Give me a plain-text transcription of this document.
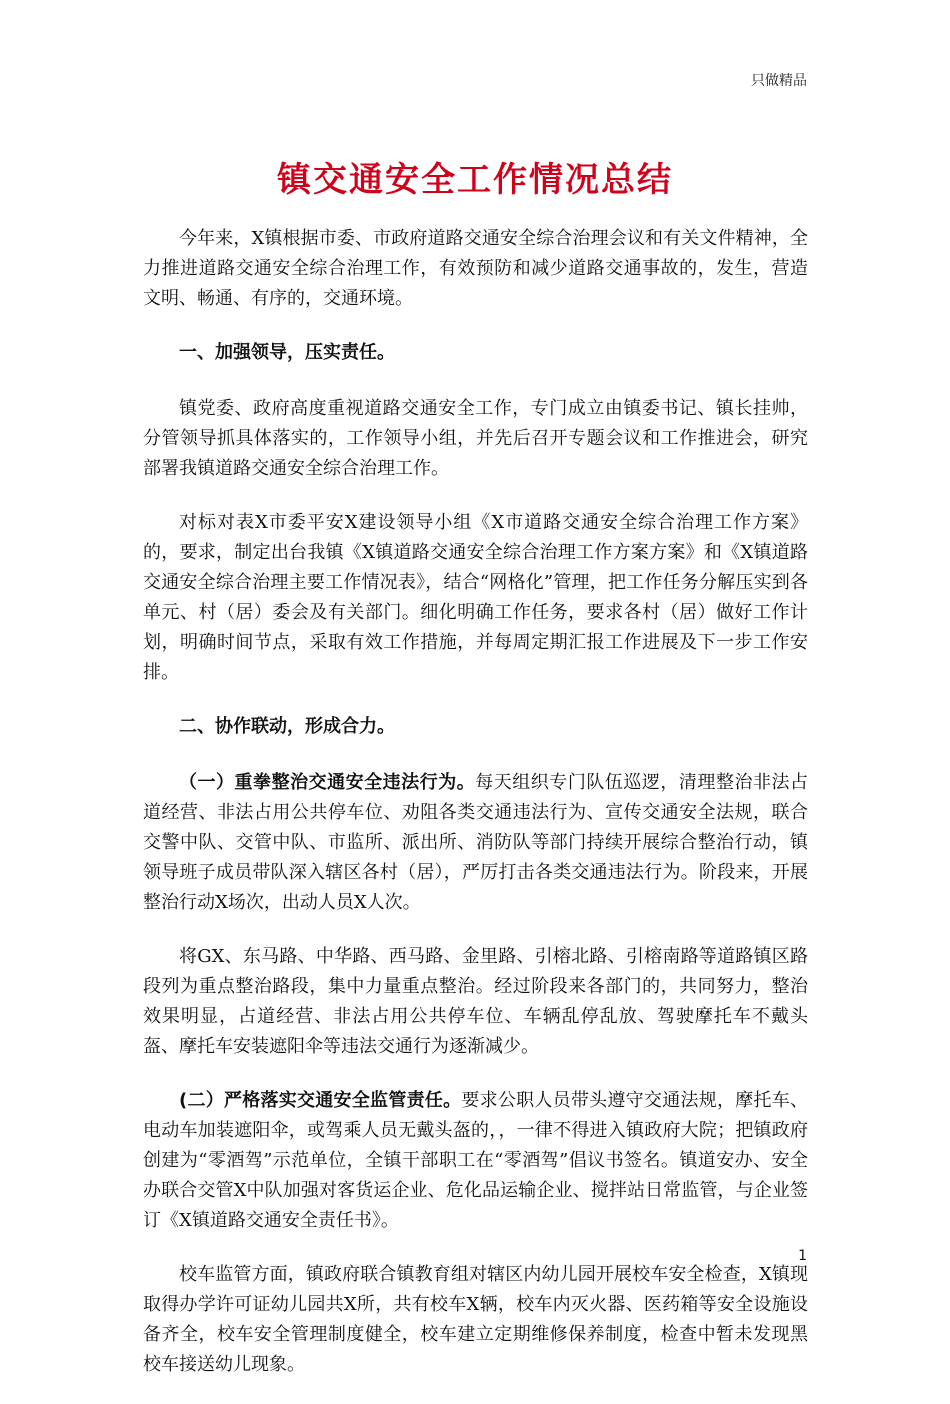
只做精品
镇交通安全工作情况总结

今年来，X镇根据市委、市政府道路交通安全综合治理会议和有关文件精神，全力推进道路交通安全综合治理工作，有效预防和减少道路交通事故的，发生，营造文明、畅通、有序的，交通环境。

一、加强领导，压实责任。

镇党委、政府高度重视道路交通安全工作，专门成立由镇委书记、镇长挂帅，分管领导抓具体落实的，工作领导小组，并先后召开专题会议和工作推进会，研究部署我镇道路交通安全综合治理工作。

对标对表X市委平安X建设领导小组《X市道路交通安全综合治理工作方案》的，要求，制定出台我镇《X镇道路交通安全综合治理工作方案方案》和《X镇道路交通安全综合治理主要工作情况表》，结合“网格化”管理，把工作任务分解压实到各单元、村（居）委会及有关部门。细化明确工作任务，要求各村（居）做好工作计划，明确时间节点，采取有效工作措施，并每周定期汇报工作进展及下一步工作安排。

二、协作联动，形成合力。

（一）重拳整治交通安全违法行为。每天组织专门队伍巡逻，清理整治非法占道经营、非法占用公共停车位、劝阻各类交通违法行为、宣传交通安全法规，联合交警中队、交管中队、市监所、派出所、消防队等部门持续开展综合整治行动，镇领导班子成员带队深入辖区各村（居），严厉打击各类交通违法行为。阶段来，开展整治行动X场次，出动人员X人次。

将GX、东马路、中华路、西马路、金里路、引榕北路、引榕南路等道路镇区路段列为重点整治路段，集中力量重点整治。经过阶段来各部门的，共同努力，整治效果明显，占道经营、非法占用公共停车位、车辆乱停乱放、驾驶摩托车不戴头盔、摩托车安装遮阳伞等违法交通行为逐渐减少。

(二）严格落实交通安全监管责任。要求公职人员带头遵守交通法规，摩托车、电动车加装遮阳伞，或驾乘人员无戴头盔的，，一律不得进入镇政府大院；把镇政府创建为“零酒驾”示范单位，全镇干部职工在“零酒驾”倡议书签名。镇道安办、安全办联合交管X中队加强对客货运企业、危化品运输企业、搅拌站日常监管，与企业签订《X镇道路交通安全责任书》。

校车监管方面，镇政府联合镇教育组对辖区内幼儿园开展校车安全检查，X镇现取得办学许可证幼儿园共X所，共有校车X辆，校车内灭火器、医药箱等安全设施设备齐全，校车安全管理制度健全，校车建立定期维修保养制度，检查中暂未发现黑校车接送幼儿现象。

1
